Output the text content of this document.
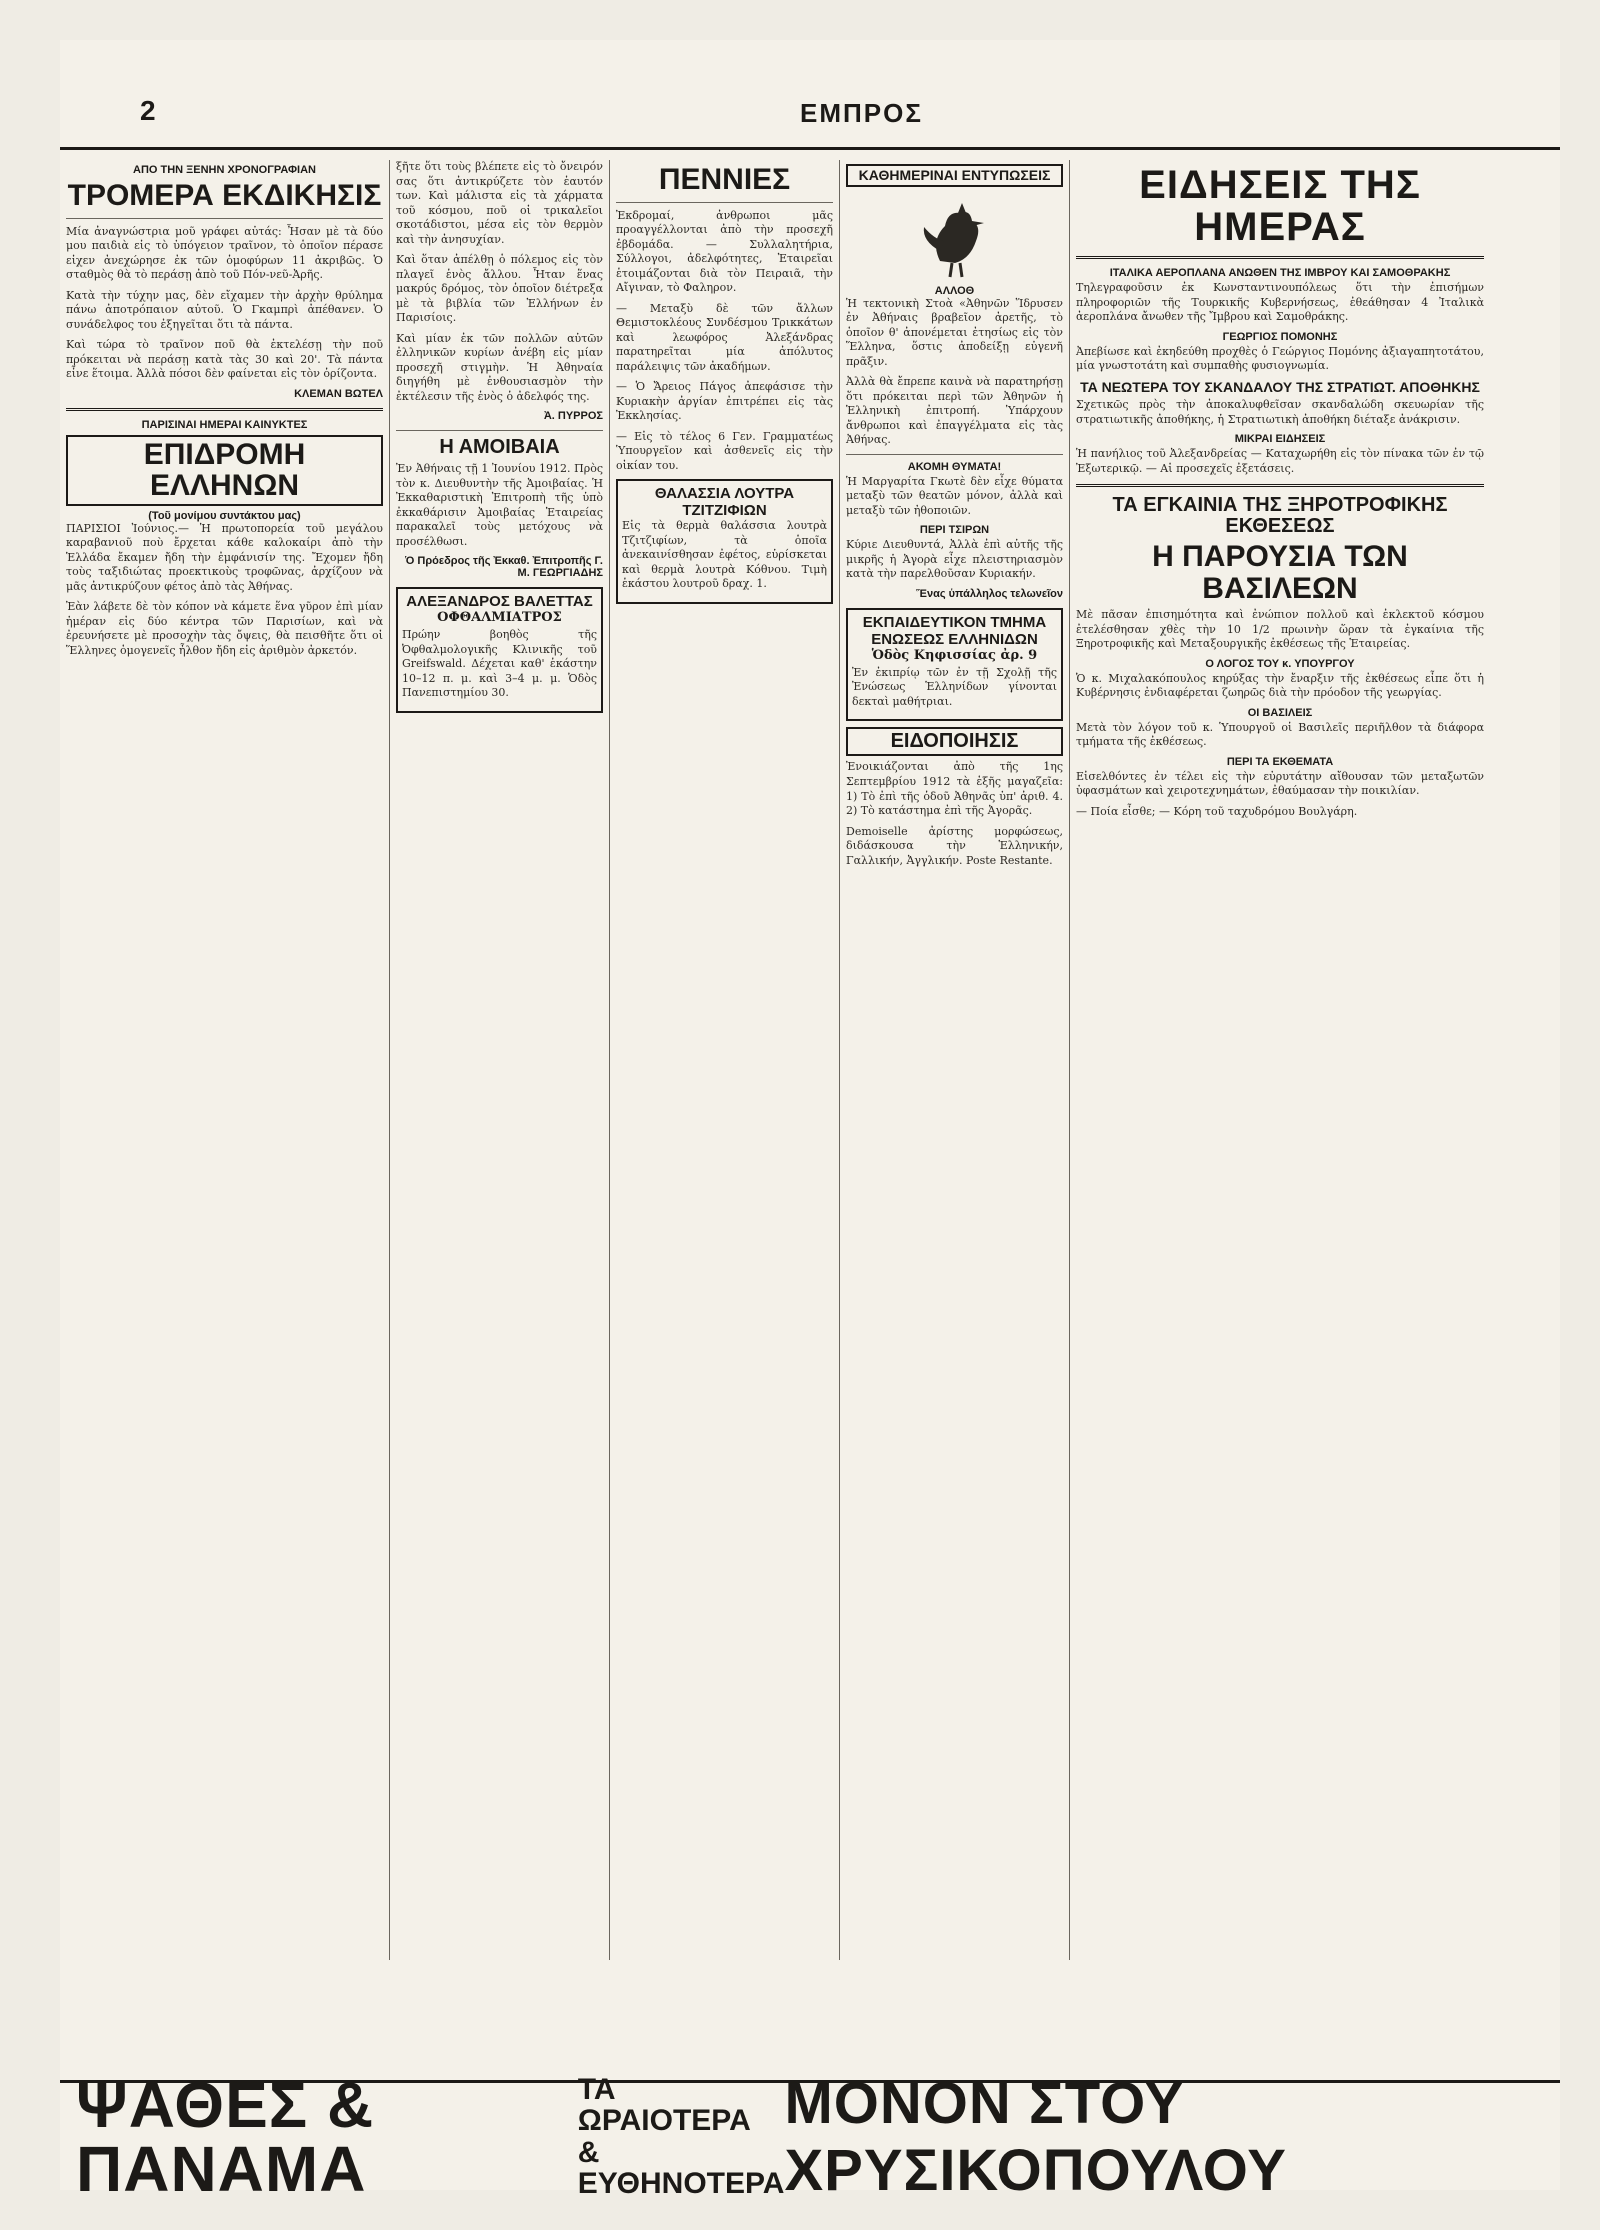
2	ΕΜΠΡΟΣ
ΑΠΟ ΤΗΝ ΞΕΝΗΝ ΧΡΟΝΟΓΡΑΦΙΑΝ
ΤΡΟΜΕΡΑ ΕΚΔΙΚΗΣΙΣ

Μία ἀναγνώστρια μοῦ γράφει αὐτάς: Ἦσαν μὲ τὰ δύο μου παιδιὰ εἰς τὸ ὑπόγειον τραῖνον, τὸ ὁποῖον πέρασε εἰχεν ἀνεχώρησε ἐκ τῶν ὁμοφύρων 11 ἀκριβῶς. Ὁ σταθμὸς θὰ τὸ περάσῃ ἀπὸ τοῦ Πόν-νεῦ-Ἀρῆς.

Κατὰ τὴν τύχην μας, δὲν εἴχαμεν τὴν ἀρχὴν θρύλημα πάνω ἀποτρόπαιον αὐτοῦ. Ὁ Γκαμπρὶ ἀπέθανεν. Ὁ συνάδελφος του ἐξηγεῖται ὅτι τὰ πάντα.

Καὶ τώρα τὸ τραῖνον ποῦ θὰ ἐκτελέσῃ τὴν ποῦ πρόκειται νὰ περάσῃ κατὰ τὰς 30 καὶ 20'. Τὰ πάντα εἶνε ἕτοιμα. Ἀλλὰ πόσοι δὲν φαίνεται εἰς τὸν ὁρίζοντα.

ΚΛΕΜΑΝ ΒΩΤΕΛ
ΠΑΡΙΣΙΝΑΙ ΗΜΕΡΑΙ ΚΑΙΝΥΚΤΕΣ
ΕΠΙΔΡΟΜΗ ΕΛΛΗΝΩΝ
(Τοῦ μονίμου συντάκτου μας)

ΠΑΡΙΣΙΟΙ Ἰούνιος.— Ἡ πρωτοπορεία τοῦ μεγάλου καραβανιοῦ ποὺ ἔρχεται κάθε καλοκαίρι ἀπὸ τὴν Ἑλλάδα ἔκαμεν ἤδη τὴν ἐμφάνισίν της. Ἔχομεν ἤδη τοὺς ταξιδιώτας προεκτικοὺς τροφῶνας, ἀρχίζουν νὰ μᾶς ἀντικρύζουν φέτος ἀπὸ τὰς Ἀθήνας.

Ἐὰν λάβετε δὲ τὸν κόπον νὰ κάμετε ἕνα γῦρον ἐπὶ μίαν ἡμέραν εἰς δύο κέντρα τῶν Παρισίων, καὶ νὰ ἐρευνήσετε μὲ προσοχὴν τὰς ὄψεις, θὰ πεισθῆτε ὅτι οἱ Ἕλληνες ὁμογενεῖς ἦλθον ἤδη εἰς ἀριθμὸν ἀρκετόν.

ξῆτε ὅτι τοὺς βλέπετε εἰς τὸ ὄνειρόν σας ὅτι ἀντικρύζετε τὸν ἑαυτόν των. Καὶ μάλιστα εἰς τὰ χάρματα τοῦ κόσμου, ποῦ οἱ τρικαλεῖοι σκοτάδιστοι, μέσα εἰς τὸν θερμὸν καὶ τὴν ἀνησυχίαν.

Καὶ ὅταν ἀπέλθῃ ὁ πόλεμος εἰς τὸν πλαγεῖ ἑνὸς ἄλλου. Ἦταν ἕνας μακρύς δρόμος, τὸν ὁποῖον διέτρεξα μὲ τὰ βιβλία τῶν Ἑλλήνων ἐν Παρισίοις.

Καὶ μίαν ἐκ τῶν πολλῶν αὐτῶν ἐλληνικῶν κυρίων ἀνέβη εἰς μίαν προσεχῆ στιγμὴν. Ἡ Ἀθηναία διηγήθη μὲ ἐνθουσιασμὸν τὴν ἐκτέλεσιν τῆς ἑνὸς ὁ ἀδελφός της.

Ἀ. ΠΥΡΡΟΣ
Η ΑΜΟΙΒΑΙΑ

Ἐν Ἀθήναις τῇ 1 Ἰουνίου 1912. Πρὸς τὸν κ. Διευθυντὴν τῆς Ἀμοιβαίας. Ἡ Ἐκκαθαριστικὴ Ἐπιτροπὴ τῆς ὑπὸ ἐκκαθάρισιν Ἀμοιβαίας Ἑταιρείας παρακαλεῖ τοὺς μετόχους νὰ προσέλθωσι.

Ὁ Πρόεδρος τῆς Ἐκκαθ. Ἐπιτροπῆς Γ. Μ. ΓΕΩΡΓΙΑΔΗΣ
ΑΛΕΞΑΝΔΡΟΣ ΒΑΛΕΤΤΑΣ
ΟΦΘΑΛΜΙΑΤΡΟΣ

Πρώην βοηθὸς τῆς Ὀφθαλμολογικῆς Κλινικῆς τοῦ Greifswald. Δέχεται καθ' ἑκάστην 10–12 π. μ. καὶ 3–4 μ. μ. Ὁδὸς Πανεπιστημίου 30.

ΠΕΝΝΙΕΣ

Ἐκδρομαί, ἀνθρωποι μᾶς προαγγέλλονται ἀπὸ τὴν προσεχῆ ἑβδομάδα. — Συλλαλητήρια, Σύλλογοι, ἀδελφότητες, Ἑταιρεῖαι ἑτοιμάζονται διὰ τὸν Πειραιᾶ, τὴν Αἴγιναν, τὸ Φαληρον.

— Μεταξὺ δὲ τῶν ἄλλων Θεμιστοκλέους Συνδέσμου Τρικκάτων καὶ λεωφόρος Ἀλεξάνδρας παρατηρεῖται μία ἀπόλυτος παράλειψις τῶν ἀκαδήμων.

— Ὁ Ἄρειος Πάγος ἀπεφάσισε τὴν Κυριακὴν ἀργίαν ἐπιτρέπει εἰς τὰς Ἐκκλησίας.

— Εἰς τὸ τέλος 6 Γεν. Γραμματέως Ὑπουργεῖον καὶ ἀσθενεῖς εἰς τὴν οἰκίαν του.

ΘΑΛΑΣΣΙΑ ΛΟΥΤΡΑ ΤΖΙΤΖΙΦΙΩΝ

Εἰς τὰ θερμὰ θαλάσσια λουτρὰ Τζιτζιφίων, τὰ ὁποῖα ἀνεκαινίσθησαν ἐφέτος, εὑρίσκεται καὶ θερμὰ λουτρὰ Κόθνου. Τιμὴ ἑκάστου λουτροῦ δραχ. 1.

ΚΑΘΗΜΕΡΙΝΑΙ ΕΝΤΥΠΩΣΕΙΣ
ΑΛΛΟΘ

Ἡ τεκτονικὴ Στοὰ «Ἀθηνῶν Ἵδρυσεν ἐν Ἀθήναις βραβεῖον ἀρετῆς, τὸ ὁποῖον θ' ἀπονέμεται ἐτησίως εἰς τὸν Ἕλληνα, ὅστις ἀποδείξῃ εὐγενῆ πρᾶξιν.

Ἀλλὰ θὰ ἔπρεπε καινὰ νὰ παρατηρήσῃ ὅτι πρόκειται περὶ τῶν Ἀθηνῶν ἡ Ἑλληνικὴ ἐπιτροπή. Ὑπάρχουν ἄνθρωποι καὶ ἐπαγγέλματα εἰς τὰς Ἀθήνας.

ΑΚΟΜΗ ΘΥΜΑΤΑ!

Ἡ Μαργαρίτα Γκωτὲ δὲν εἶχε θύματα μεταξὺ τῶν θεατῶν μόνον, ἀλλὰ καὶ μεταξὺ τῶν ἠθοποιῶν.

ΠΕΡΙ ΤΣΙΡΩΝ

Κύριε Διευθυντά, Ἀλλὰ ἐπὶ αὐτῆς τῆς μικρῆς ἡ Ἀγορὰ εἶχε πλειστηριασμὸν κατὰ τὴν παρελθοῦσαν Κυριακήν.

Ἕνας ὑπάλληλος τελωνεῖον
ΕΚΠΑΙΔΕΥΤΙΚΟΝ ΤΜΗΜΑ ΕΝΩΣΕΩΣ ΕΛΛΗΝΙΔΩΝ
Ὁδὸς Κηφισσίας ἀρ. 9

Ἐν ἐκιπρίῳ τῶν ἐν τῇ Σχολῇ τῆς Ἐνώσεως Ἑλληνίδων γίνονται δεκταὶ μαθήτριαι.

ΕΙΔΟΠΟΙΗΣΙΣ

Ἐνοικιάζονται ἀπὸ τῆς 1ης Σεπτεμβρίου 1912 τὰ ἑξῆς μαγαζεῖα: 1) Τὸ ἐπὶ τῆς ὁδοῦ Ἀθηνᾶς ὑπ' ἀριθ. 4. 2) Τὸ κατάστημα ἐπὶ τῆς Ἀγορᾶς.

Demoiselle ἀρίστης μορφώσεως, διδάσκουσα τὴν Ἑλληνικήν, Γαλλικήν, Ἀγγλικήν. Poste Restante.

ΕΙΔΗΣΕΙΣ ΤΗΣ ΗΜΕΡΑΣ
ΙΤΑΛΙΚΑ ΑΕΡΟΠΛΑΝΑ ΑΝΩΘΕΝ ΤΗΣ ΙΜΒΡΟΥ ΚΑΙ ΣΑΜΟΘΡΑΚΗΣ

Τηλεγραφοῦσιν ἐκ Κωνσταντινουπόλεως ὅτι τὴν ἐπισήμων πληροφοριῶν τῆς Τουρκικῆς Κυβερνήσεως, ἐθεάθησαν 4 Ἰταλικὰ ἀεροπλάνα ἄνωθεν τῆς Ἴμβρου καὶ Σαμοθράκης.

ΓΕΩΡΓΙΟΣ ΠΟΜΟΝΗΣ

Ἀπεβίωσε καὶ ἐκηδεύθη προχθὲς ὁ Γεώργιος Πομόνης ἀξιαγαπητοτάτου, μία γνωστοτάτη καὶ συμπαθὴς φυσιογνωμία.

ΤΑ ΝΕΩΤΕΡΑ ΤΟΥ ΣΚΑΝΔΑΛΟΥ ΤΗΣ ΣΤΡΑΤΙΩΤ. ΑΠΟΘΗΚΗΣ

Σχετικῶς πρὸς τὴν ἀποκαλυφθεῖσαν σκανδαλώδη σκευωρίαν τῆς στρατιωτικῆς ἀποθήκης, ἡ Στρατιωτικὴ ἀποθήκη διέταξε ἀνάκρισιν.

ΜΙΚΡΑΙ ΕΙΔΗΣΕΙΣ

Ἡ πανήλιος τοῦ Ἀλεξανδρείας — Καταχωρήθη εἰς τὸν πίνακα τῶν ἐν τῷ Ἐξωτερικῷ. — Αἱ προσεχεῖς ἐξετάσεις.

ΤΑ ΕΓΚΑΙΝΙΑ ΤΗΣ ΞΗΡΟΤΡΟΦΙΚΗΣ ΕΚΘΕΣΕΩΣ
Η ΠΑΡΟΥΣΙΑ ΤΩΝ ΒΑΣΙΛΕΩΝ

Μὲ πᾶσαν ἐπισημότητα καὶ ἐνώπιον πολλοῦ καὶ ἐκλεκτοῦ κόσμου ἐτελέσθησαν χθὲς τὴν 10 1/2 πρωινὴν ὥραν τὰ ἐγκαίνια τῆς Ξηροτροφικῆς καὶ Μεταξουργικῆς ἐκθέσεως τῆς Ἑταιρείας.

Ο ΛΟΓΟΣ ΤΟΥ κ. ΥΠΟΥΡΓΟΥ

Ὁ κ. Μιχαλακόπουλος κηρύξας τὴν ἔναρξιν τῆς ἐκθέσεως εἶπε ὅτι ἡ Κυβέρνησις ἐνδιαφέρεται ζωηρῶς διὰ τὴν πρόοδον τῆς γεωργίας.

ΟΙ ΒΑΣΙΛΕΙΣ

Μετὰ τὸν λόγον τοῦ κ. Ὑπουργοῦ οἱ Βασιλεῖς περιῆλθον τὰ διάφορα τμήματα τῆς ἐκθέσεως.

ΠΕΡΙ ΤΑ ΕΚΘΕΜΑΤΑ

Εἰσελθόντες ἐν τέλει εἰς τὴν εὐρυτάτην αἴθουσαν τῶν μεταξωτῶν ὑφασμάτων καὶ χειροτεχνημάτων, ἐθαύμασαν τὴν ποικιλίαν.

— Ποία εἶσθε; — Κόρη τοῦ ταχυδρόμου Βουλγάρη.

ΨΑΘΕΣ & ΠΑΝΑΜΑ
ΤΑ ΩΡΑΙΟΤΕΡΑ
& ΕΥΘΗΝΟΤΕΡΑ
ΜΟΝΟΝ ΣΤΟΥ ΧΡΥΣΙΚΟΠΟΥΛΟΥ
